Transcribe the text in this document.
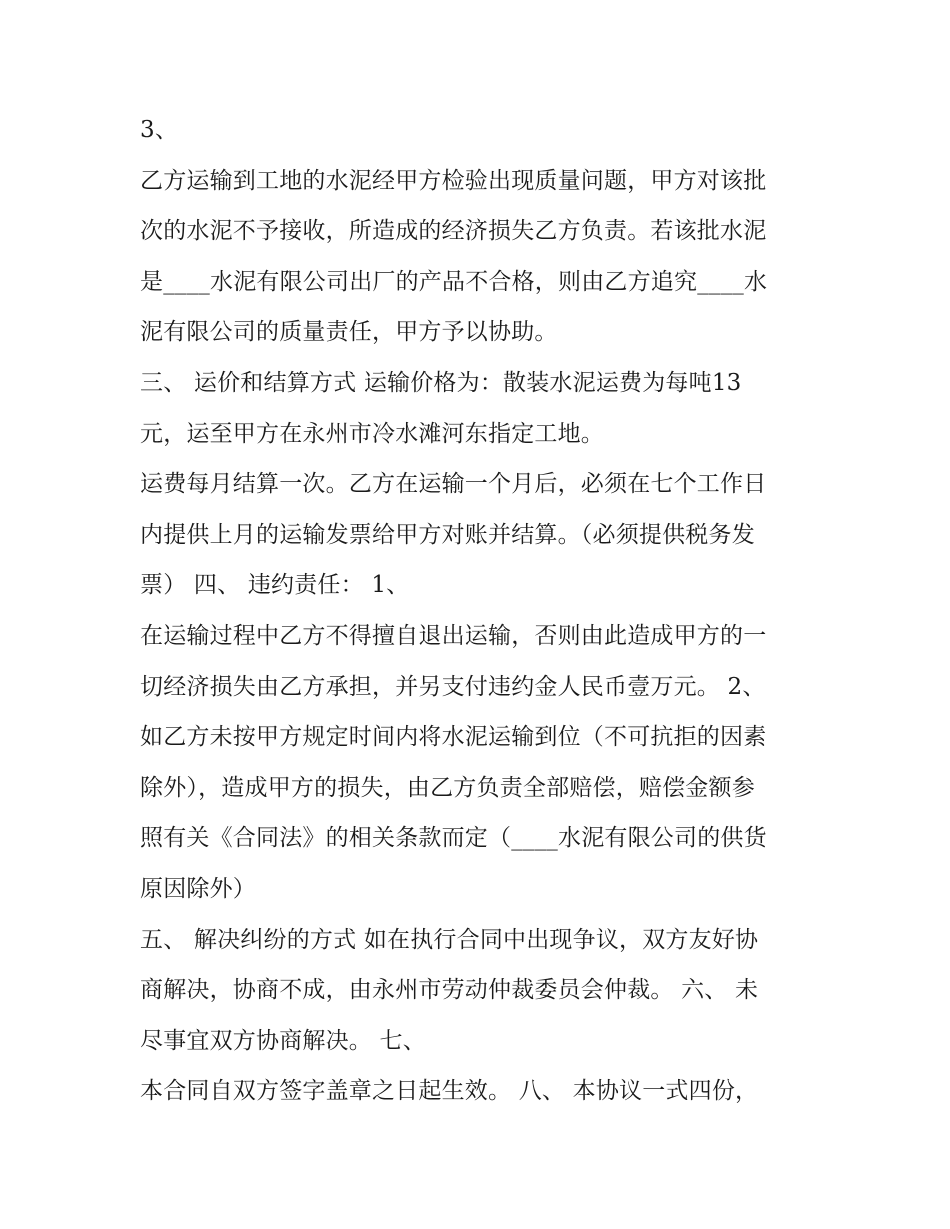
3、

乙方运输到工地的水泥经甲方检验出现质量问题，甲方对该批

次的水泥不予接收，所造成的经济损失乙方负责。若该批水泥

是____水泥有限公司出厂的产品不合格，则由乙方追究____水

泥有限公司的质量责任，甲方予以协助。

三、 运价和结算方式 运输价格为：散装水泥运费为每吨13

元，运至甲方在永州市冷水滩河东指定工地。

运费每月结算一次。乙方在运输一个月后，必须在七个工作日

内提供上月的运输发票给甲方对账并结算。（必须提供税务发

票） 四、 违约责任： 1、

在运输过程中乙方不得擅自退出运输，否则由此造成甲方的一

切经济损失由乙方承担，并另支付违约金人民币壹万元。 2、

如乙方未按甲方规定时间内将水泥运输到位（不可抗拒的因素

除外），造成甲方的损失，由乙方负责全部赔偿，赔偿金额参

照有关《合同法》的相关条款而定（____水泥有限公司的供货

原因除外）

五、 解决纠纷的方式 如在执行合同中出现争议，双方友好协

商解决，协商不成，由永州市劳动仲裁委员会仲裁。 六、 未

尽事宜双方协商解决。 七、

本合同自双方签字盖章之日起生效。 八、 本协议一式四份，
